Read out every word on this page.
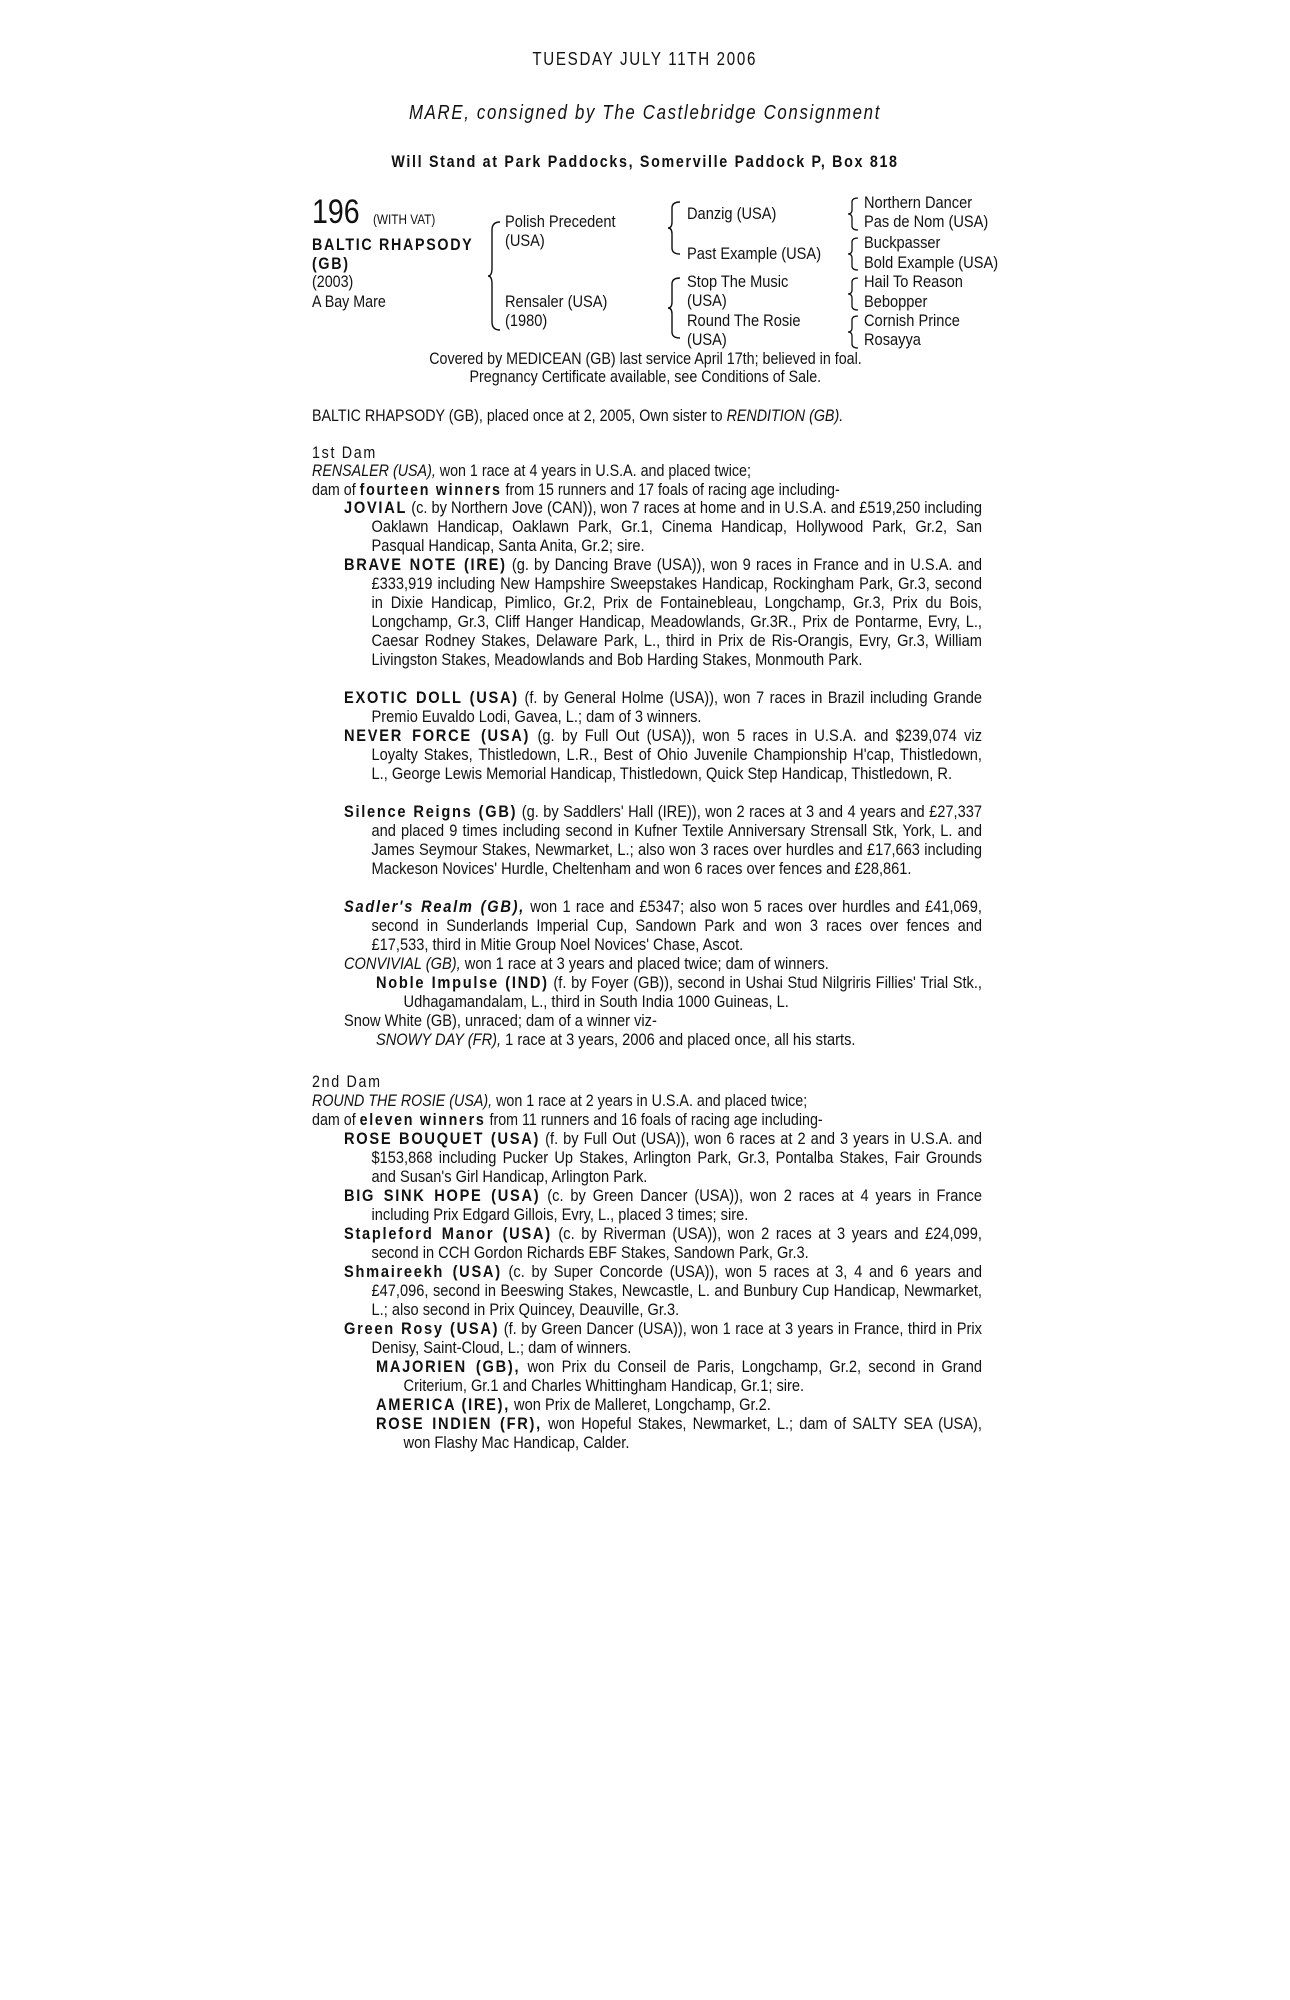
TUESDAY JULY 11TH 2006
MARE, consigned by The Castlebridge Consignment
Will Stand at Park Paddocks, Somerville Paddock P, Box 818
196 (WITH VAT)
BALTIC RHAPSODY
(GB)
(2003)
A Bay Mare
Polish Precedent
(USA)
Rensaler (USA)
(1980)
Danzig (USA)
Past Example (USA)
Stop The Music
(USA)
Round The Rosie
(USA)
Northern Dancer
Pas de Nom (USA)
Buckpasser
Bold Example (USA)
Hail To Reason
Bebopper
Cornish Prince
Rosayya
Covered by MEDICEAN (GB) last service April 17th; believed in foal.
Pregnancy Certificate available, see Conditions of Sale.
BALTIC RHAPSODY (GB), placed once at 2, 2005, Own sister to RENDITION (GB).
1st Dam
RENSALER (USA), won 1 race at 4 years in U.S.A. and placed twice;
dam of fourteen winners from 15 runners and 17 foals of racing age including-

JOVIAL (c. by Northern Jove (CAN)), won 7 races at home and in U.S.A. and £519,250 including Oaklawn Handicap, Oaklawn Park, Gr.1, Cinema Handicap, Hollywood Park, Gr.2, San Pasqual Handicap, Santa Anita, Gr.2; sire.

BRAVE NOTE (IRE) (g. by Dancing Brave (USA)), won 9 races in France and in U.S.A. and £333,919 including New Hampshire Sweepstakes Handicap, Rockingham Park, Gr.3, second in Dixie Handicap, Pimlico, Gr.2, Prix de Fontainebleau, Longchamp, Gr.3, Prix du Bois, Longchamp, Gr.3, Cliff Hanger Handicap, Meadowlands, Gr.3R., Prix de Pontarme, Evry, L., Caesar Rodney Stakes, Delaware Park, L., third in Prix de Ris-Orangis, Evry, Gr.3, William Livingston Stakes, Meadowlands and Bob Harding Stakes, Monmouth Park.

EXOTIC DOLL (USA) (f. by General Holme (USA)), won 7 races in Brazil including Grande Premio Euvaldo Lodi, Gavea, L.; dam of 3 winners.

NEVER FORCE (USA) (g. by Full Out (USA)), won 5 races in U.S.A. and $239,074 viz Loyalty Stakes, Thistledown, L.R., Best of Ohio Juvenile Championship H'cap, Thistledown, L., George Lewis Memorial Handicap, Thistledown, Quick Step Handicap, Thistledown, R.

Silence Reigns (GB) (g. by Saddlers' Hall (IRE)), won 2 races at 3 and 4 years and £27,337 and placed 9 times including second in Kufner Textile Anniversary Strensall Stk, York, L. and James Seymour Stakes, Newmarket, L.; also won 3 races over hurdles and £17,663 including Mackeson Novices' Hurdle, Cheltenham and won 6 races over fences and £28,861.

Sadler's Realm (GB), won 1 race and £5347; also won 5 races over hurdles and £41,069, second in Sunderlands Imperial Cup, Sandown Park and won 3 races over fences and £17,533, third in Mitie Group Noel Novices' Chase, Ascot.

CONVIVIAL (GB), won 1 race at 3 years and placed twice; dam of winners.

Noble Impulse (IND) (f. by Foyer (GB)), second in Ushai Stud Nilgriris Fillies' Trial Stk., Udhagamandalam, L., third in South India 1000 Guineas, L.

Snow White (GB), unraced; dam of a winner viz-

SNOWY DAY (FR), 1 race at 3 years, 2006 and placed once, all his starts.

2nd Dam
ROUND THE ROSIE (USA), won 1 race at 2 years in U.S.A. and placed twice;
dam of eleven winners from 11 runners and 16 foals of racing age including-

ROSE BOUQUET (USA) (f. by Full Out (USA)), won 6 races at 2 and 3 years in U.S.A. and $153,868 including Pucker Up Stakes, Arlington Park, Gr.3, Pontalba Stakes, Fair Grounds and Susan's Girl Handicap, Arlington Park.

BIG SINK HOPE (USA) (c. by Green Dancer (USA)), won 2 races at 4 years in France including Prix Edgard Gillois, Evry, L., placed 3 times; sire.

Stapleford Manor (USA) (c. by Riverman (USA)), won 2 races at 3 years and £24,099, second in CCH Gordon Richards EBF Stakes, Sandown Park, Gr.3.

Shmaireekh (USA) (c. by Super Concorde (USA)), won 5 races at 3, 4 and 6 years and £47,096, second in Beeswing Stakes, Newcastle, L. and Bunbury Cup Handicap, Newmarket, L.; also second in Prix Quincey, Deauville, Gr.3.

Green Rosy (USA) (f. by Green Dancer (USA)), won 1 race at 3 years in France, third in Prix Denisy, Saint-Cloud, L.; dam of winners.

MAJORIEN (GB), won Prix du Conseil de Paris, Longchamp, Gr.2, second in Grand Criterium, Gr.1 and Charles Whittingham Handicap, Gr.1; sire.

AMERICA (IRE), won Prix de Malleret, Longchamp, Gr.2.

ROSE INDIEN (FR), won Hopeful Stakes, Newmarket, L.; dam of SALTY SEA (USA), won Flashy Mac Handicap, Calder.
